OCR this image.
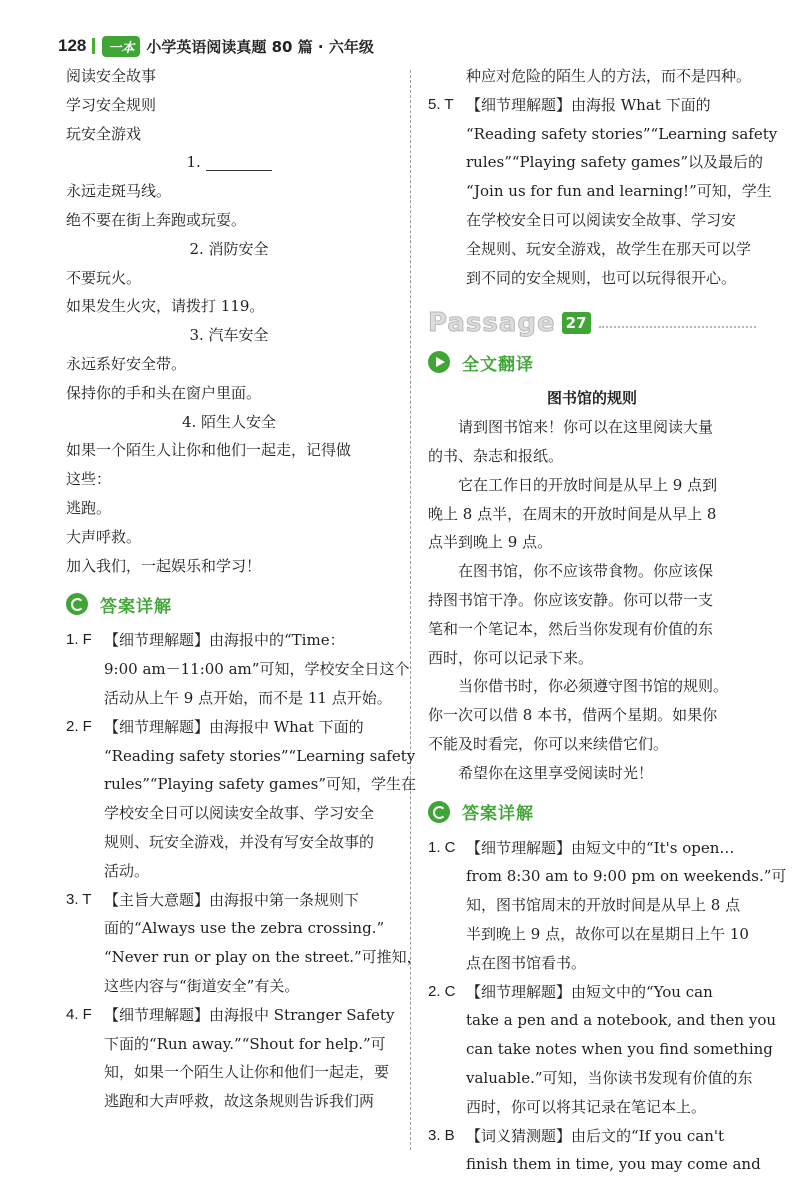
128	一本 小学英语阅读真题 80 篇 · 六年级
阅读安全故事
学习安全规则
玩安全游戏
1.
永远走斑马线。
绝不要在街上奔跑或玩耍。
2. 消防安全
不要玩火。
如果发生火灾，请拨打 119。
3. 汽车安全
永远系好安全带。
保持你的手和头在窗户里面。
4. 陌生人安全
如果一个陌生人让你和他们一起走，记得做
这些：
逃跑。
大声呼救。
加入我们，一起娱乐和学习！
答案详解
1. F 【细节理解题】由海报中的“Time：
9:00 am－11:00 am”可知，学校安全日这个
活动从上午 9 点开始，而不是 11 点开始。
2. F 【细节理解题】由海报中 What 下面的
“Reading safety stories”“Learning safety
rules”“Playing safety games”可知，学生在
学校安全日可以阅读安全故事、学习安全
规则、玩安全游戏，并没有写安全故事的
活动。
3. T 【主旨大意题】由海报中第一条规则下
面的“Always use the zebra crossing.”
“Never run or play on the street.”可推知，
这些内容与“街道安全”有关。
4. F 【细节理解题】由海报中 Stranger Safety
下面的“Run away.”“Shout for help.”可
知，如果一个陌生人让你和他们一起走，要
逃跑和大声呼救，故这条规则告诉我们两
种应对危险的陌生人的方法，而不是四种。
5. T 【细节理解题】由海报 What 下面的
“Reading safety stories”“Learning safety
rules”“Playing safety games”以及最后的
“Join us for fun and learning!”可知，学生
在学校安全日可以阅读安全故事、学习安
全规则、玩安全游戏，故学生在那天可以学
到不同的安全规则，也可以玩得很开心。
Passage 27
全文翻译
图书馆的规则
请到图书馆来！你可以在这里阅读大量
的书、杂志和报纸。
它在工作日的开放时间是从早上 9 点到
晚上 8 点半，在周末的开放时间是从早上 8
点半到晚上 9 点。
在图书馆，你不应该带食物。你应该保
持图书馆干净。你应该安静。你可以带一支
笔和一个笔记本，然后当你发现有价值的东
西时，你可以记录下来。
当你借书时，你必须遵守图书馆的规则。
你一次可以借 8 本书，借两个星期。如果你
不能及时看完，你可以来续借它们。
希望你在这里享受阅读时光！
答案详解
1. C 【细节理解题】由短文中的“It's open…
from 8:30 am to 9:00 pm on weekends.”可
知，图书馆周末的开放时间是从早上 8 点
半到晚上 9 点，故你可以在星期日上午 10
点在图书馆看书。
2. C 【细节理解题】由短文中的“You can
take a pen and a notebook, and then you
can take notes when you find something
valuable.”可知，当你读书发现有价值的东
西时，你可以将其记录在笔记本上。
3. B 【词义猜测题】由后文的“If you can't
finish them in time, you may come and
